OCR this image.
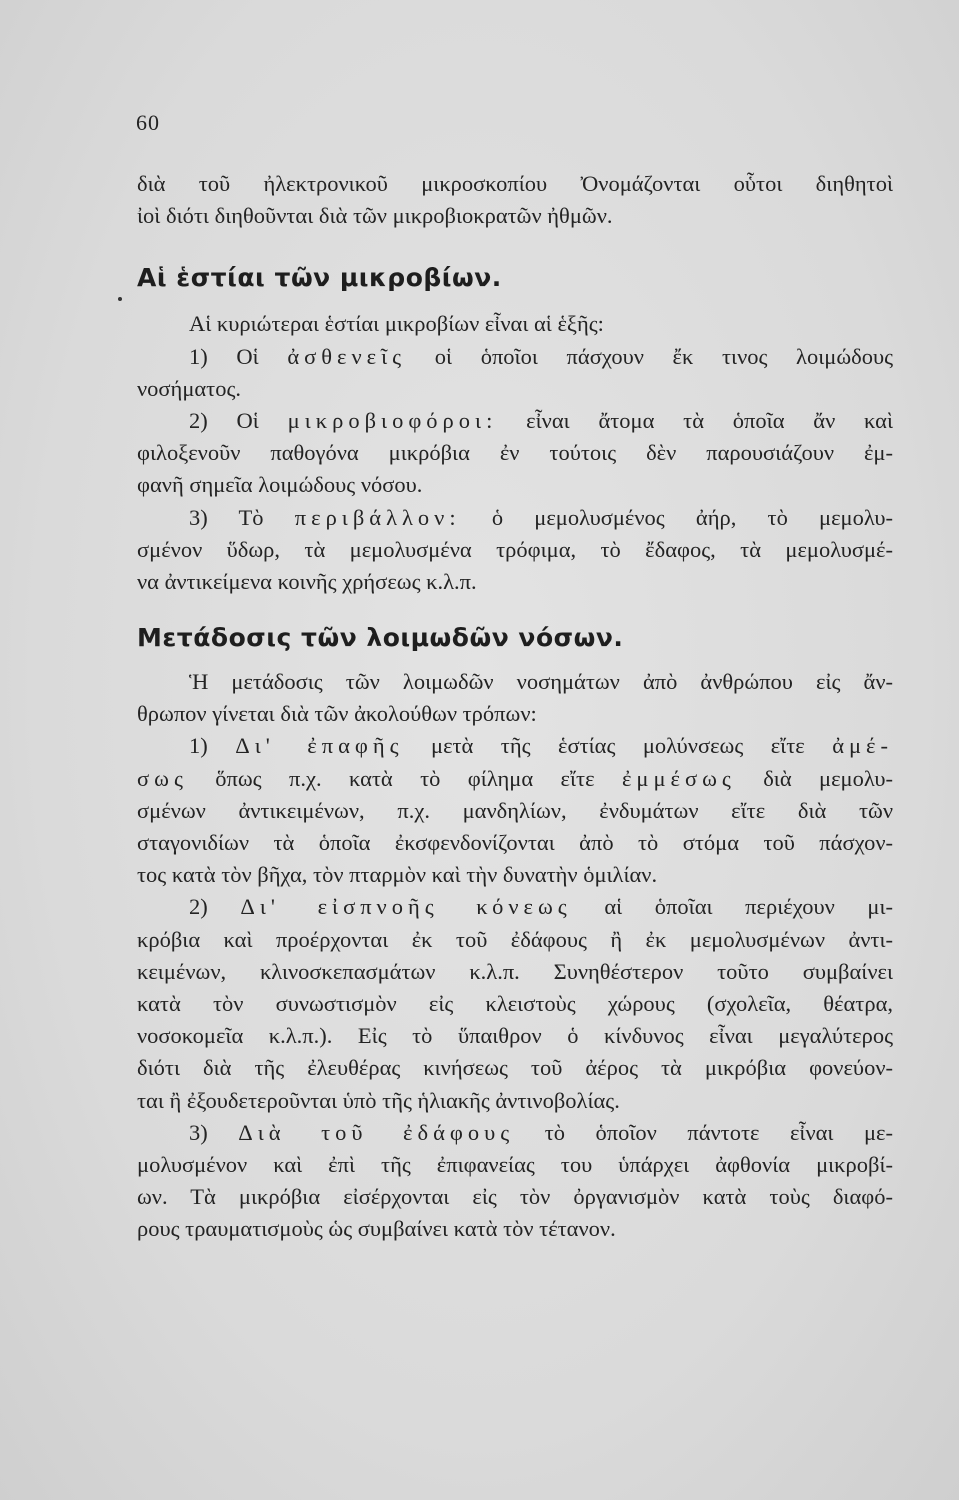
60
διὰ τοῦ ἠλεκτρονικοῦ μικροσκοπίου Ὀνομάζονται οὗτοι διηθητοὶ
ἰοὶ διότι διηθοῦνται διὰ τῶν μικροβιοκρατῶν ἠθμῶν.
Αἱ ἑστίαι τῶν μικροβίων.
Αἱ κυριώτεραι ἑστίαι μικροβίων εἶναι αἱ ἑξῆς:
1) Οἱ ἀσθενεῖς οἱ ὁποῖοι πάσχουν ἔκ τινος λοιμώδους
νοσήματος.
2) Οἱ μικροβιοφόροι: εἶναι ἄτομα τὰ ὁποῖα ἄν καὶ
φιλοξενοῦν παθογόνα μικρόβια ἐν τούτοις δὲν παρουσιάζουν ἐμ-
φανῆ σημεῖα λοιμώδους νόσου.
3) Τὸ περιβάλλον: ὁ μεμολυσμένος ἀήρ, τὸ μεμολυ-
σμένον ὕδωρ, τὰ μεμολυσμένα τρόφιμα, τὸ ἔδαφος, τὰ μεμολυσμέ-
να ἀντικείμενα κοινῆς χρήσεως κ.λ.π.
Μετάδοσις τῶν λοιμωδῶν νόσων.
Ἡ μετάδοσις τῶν λοιμωδῶν νοσημάτων ἀπὸ ἀνθρώπου εἰς ἄν-
θρωπον γίνεται διὰ τῶν ἀκολούθων τρόπων:
1) Δι' ἐπαφῆς μετὰ τῆς ἑστίας μολύνσεως εἴτε ἀμέ-
σως ὅπως π.χ. κατὰ τὸ φίλημα εἴτε ἐμμέσως διὰ μεμολυ-
σμένων ἀντικειμένων, π.χ. μανδηλίων, ἐνδυμάτων εἴτε διὰ τῶν
σταγονιδίων τὰ ὁποῖα ἐκσφενδονίζονται ἀπὸ τὸ στόμα τοῦ πάσχον-
τος κατὰ τὸν βῆχα, τὸν πταρμὸν καὶ τὴν δυνατὴν ὁμιλίαν.
2) Δι' εἰσπνοῆς κόνεως αἱ ὁποῖαι περιέχουν μι-
κρόβια καὶ προέρχονται ἐκ τοῦ ἐδάφους ἢ ἐκ μεμολυσμένων ἀντι-
κειμένων, κλινοσκεπασμάτων κ.λ.π. Συνηθέστερον τοῦτο συμβαίνει
κατὰ τὸν συνωστισμὸν εἰς κλειστοὺς χώρους (σχολεῖα, θέατρα,
νοσοκομεῖα κ.λ.π.). Εἰς τὸ ὕπαιθρον ὁ κίνδυνος εἶναι μεγαλύτερος
διότι διὰ τῆς ἐλευθέρας κινήσεως τοῦ ἀέρος τὰ μικρόβια φονεύον-
ται ἢ ἐξουδετεροῦνται ὑπὸ τῆς ἡλιακῆς ἀντινοβολίας.
3) Διὰ τοῦ ἐδάφους τὸ ὁποῖον πάντοτε εἶναι με-
μολυσμένον καὶ ἐπὶ τῆς ἐπιφανείας του ὑπάρχει ἀφθονία μικροβί-
ων. Τὰ μικρόβια εἰσέρχονται εἰς τὸν ὀργανισμὸν κατὰ τοὺς διαφό-
ρους τραυματισμοὺς ὡς συμβαίνει κατὰ τὸν τέτανον.
